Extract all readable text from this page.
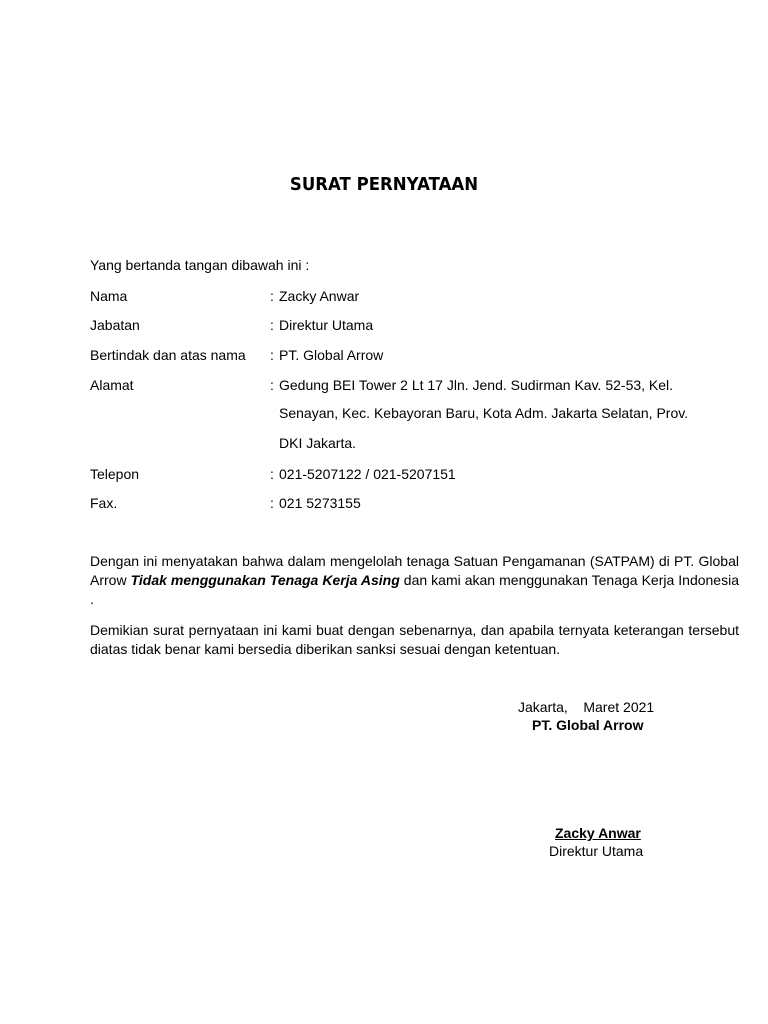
SURAT PERNYATAAN
Yang bertanda tangan dibawah ini :
Nama	: Zacky Anwar
Jabatan	: Direktur Utama
Bertindak dan atas nama : PT. Global Arrow
Alamat	: Gedung BEI Tower 2 Lt 17 Jln. Jend. Sudirman Kav. 52-53, Kel.
Senayan, Kec. Kebayoran Baru, Kota Adm. Jakarta Selatan, Prov.
DKI Jakarta.
Telepon	: 021-5207122 / 021-5207151
Fax.	: 021 5273155
Dengan ini menyatakan bahwa dalam mengelolah tenaga Satuan Pengamanan (SATPAM) di PT. Global Arrow Tidak menggunakan Tenaga Kerja Asing dan kami akan menggunakan Tenaga Kerja Indonesia .
Demikian surat pernyataan ini kami buat dengan sebenarnya, dan apabila ternyata keterangan tersebut diatas tidak benar kami bersedia diberikan sanksi sesuai dengan ketentuan.
Jakarta,    Maret 2021
PT. Global Arrow
Zacky Anwar
Direktur Utama
